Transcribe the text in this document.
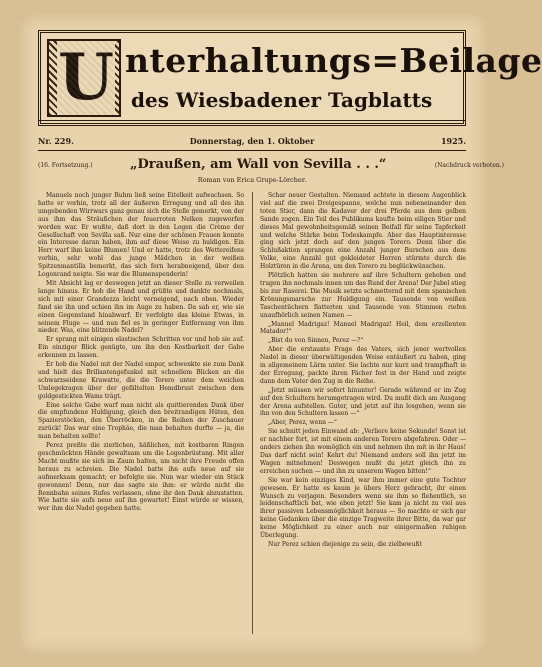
U nterhaltungs=Beilage
des Wiesbadener Tagblatts
Nr. 229.	Donnerstag, den 1. Oktober	1925.
(16. Fortsetzung.)	(Nachdruck verboten.)
„Draußen, am Wall von Sevilla . . .“
Roman von Erica Grupe-Lörcher.

Manuels noch junger Ruhm ließ seine Eitelkeit aufwachsen. So hatte er vorhin, trotz all der äußeren Erregung und all des ihn umgebenden Wirrwars ganz genau sich die Stelle gemerkt, von der aus ihm das Sträußchen der feuerroten Nelken zugeworfen worden war. Er wußte, daß dort in den Logen die Crème der Gesellschaft von Sevilla saß. Nur eine der schönen Frauen konnte ein Interesse daran haben, ihm auf diese Weise zu huldigen. Ein Herr warf ihm keine Blumen! Und er hatte, trotz des Wettereifens vorhin, sehr wohl das junge Mädchen in der weißen Spitzenmantilla bemerkt, das sich fern herabneigend, über den Logenrand neigte. Sie war die Blumenspenderin!

Mit Absicht lag er deswegen jetzt an dieser Stelle zu verweilen lange hinaus. Er hob die Hand und grüßte und dankte nochmals, sich mit einer Grandezza leicht verneigend, nach oben. Wieder fand sie ihn und schien ihn im Auge zu haben. Da sah er, wie sie einen Gegenstand hinabwarf. Er verfolgte das kleine Etwas, in seinem Fluge — und nun fiel es in geringer Entfernung von ihm nieder. Was, eine blitzende Nadel?

Er sprang mit einigen elastischen Schritten vor und hob sie auf. Ein einziger Blick genügte, um ihn den Kostbarkeit der Gabe erkennen zu lassen.

Er hob die Nadel mit der Nadel empor, schwenkte sie zum Dank und hielt das Brillantengefunkel mit schnellem Blicken an die schwarzseidene Krawatte, die die Torero unter dem weichen Umlegekragen über der gefältelten Hemdbrust zwischen dem goldgestickten Wams trägt.

Eine solche Gabe warf man nicht als quittierenden Dank über die empfundene Huldigung, gleich den breitrandigen Hüten, den Spazierstöcken, den Überröcken, in die Reihen der Zuschauer zurück! Das war eine Trophäe, die man behalten durfte — ja, die man behalten sollte!

Perez preßte die zierlichen, häßlichen, mit kostbaren Ringen geschmückten Hände gewaltsam um die Logenbrüstung. Mit aller Macht mußte sie sich im Zaum halten, um nicht ihre Freude offen heraus zu schreien. Die Nadel hatte ihn aufs neue auf sie aufmerksam gemacht; er befolgte sie. Nun war wieder ein Stück gewonnen! Denn, nur das sagte sie ihm: er würde nicht die Rennbahn seines Rufes verlassen, ohne ihr den Dank abzustatten. Wie hatte sie aufs neue auf ihn gewartet! Einst würde er wissen, wer ihm die Nadel gegeben hatte.

Schar neuer Gestalten. Niemand achtete in diesem Augenblick viel auf die zwei Dreigespanne, welche nun nebeneinander den toten Stier, dann die Kadaver der drei Pferde aus dem gelben Sande zogen. Ein Teil des Publikums kaufte beim eiligen Stier und dieses Mal gewohnheitsgemäß seinen Beifall für seine Tapferkeit und welche Stärke beim Todeskampfe. Aber das Hauptinteresse ging sich jetzt doch auf den jungen Torero. Denn über die Schlußaktion sprangen eine Anzahl junger Burschen aus dem Volke, eine Anzahl gut gekleideter Herren stürmte durch die Holztüren in die Arena, um den Torero zu beglückwünschen.

Plötzlich hatten sie mehrere auf ihre Schultern gehoben und trugen ihn nochmals innen um das Rund der Arena! Der Jubel stieg bis zur Raserei. Die Musik setzte schmetternd mit dem spanischen Krönungsmarsche zur Huldigung ein. Tausende von weißen Taschentüchern flatterten und Tausende von Stimmen riefen unaufhörlich seinen Namen —

„Manuel Madrigaz! Manuel Madrigaz! Heil, dem erzellenten Matador!“

„Bist du von Sinnen, Perez —?“

Aber die erstaunte Frage des Vaters, sich jener wertvollen Nadel in dieser überwältigenden Weise entäußert zu haben, ging in allgemeinem Lärm unter. Sie lachte nur kurz und trampfhaft in der Erregung, packte ihren Fächer fest in der Hand und zeigte dann dem Vater den Zug in die Reihe.

„Jetzt müssen wir sofort hinunter! Gerade während er im Zug auf den Schultern herumgetragen wird. Du mußt dich am Ausgang der Arena aufstellen. Guter, und jetzt auf ihn losgehen, wenn sie ihn von den Schultern lassen —“

„Aber, Perez, wenn —“

Sie schnitt jeden Einwand ab: „Verliere keine Sekunde! Sonst ist er nachher fort, ist mit einem anderen Torero abgefahren. Oder — anders ziehen ihn womöglich ein und nehmen ihn mit in ihr Haus! Das darf nicht sein! Kehrt du! Niemand anders soll ihn jetzt im Wagen mitnehmen! Deswegen mußt du jetzt gleich ihn zu erreichen suchen — und ihn zu unserem Wagen bitten!“

Sie war kein einziges Kind, war ihm immer eine gute Tochter gewesen. Er hatte es kaum je übers Herz gebracht, ihr einen Wunsch zu verjagen. Besonders wenn sie ihm so flehentlich, so leidenschaftlich bat, wie eben jetzt! Sie kam ja nicht zu viel aus ihrer passiven Lebensmöglichkeit heraus — So machte er sich gar keine Gedanken über die einzige Tragweite ihrer Bitte, da war gar keine Möglichkeit zu einer auch nur einigermaßen ruhigen Überlegung.

Nur Perez schien diejenige zu sein, die zielbewußt
